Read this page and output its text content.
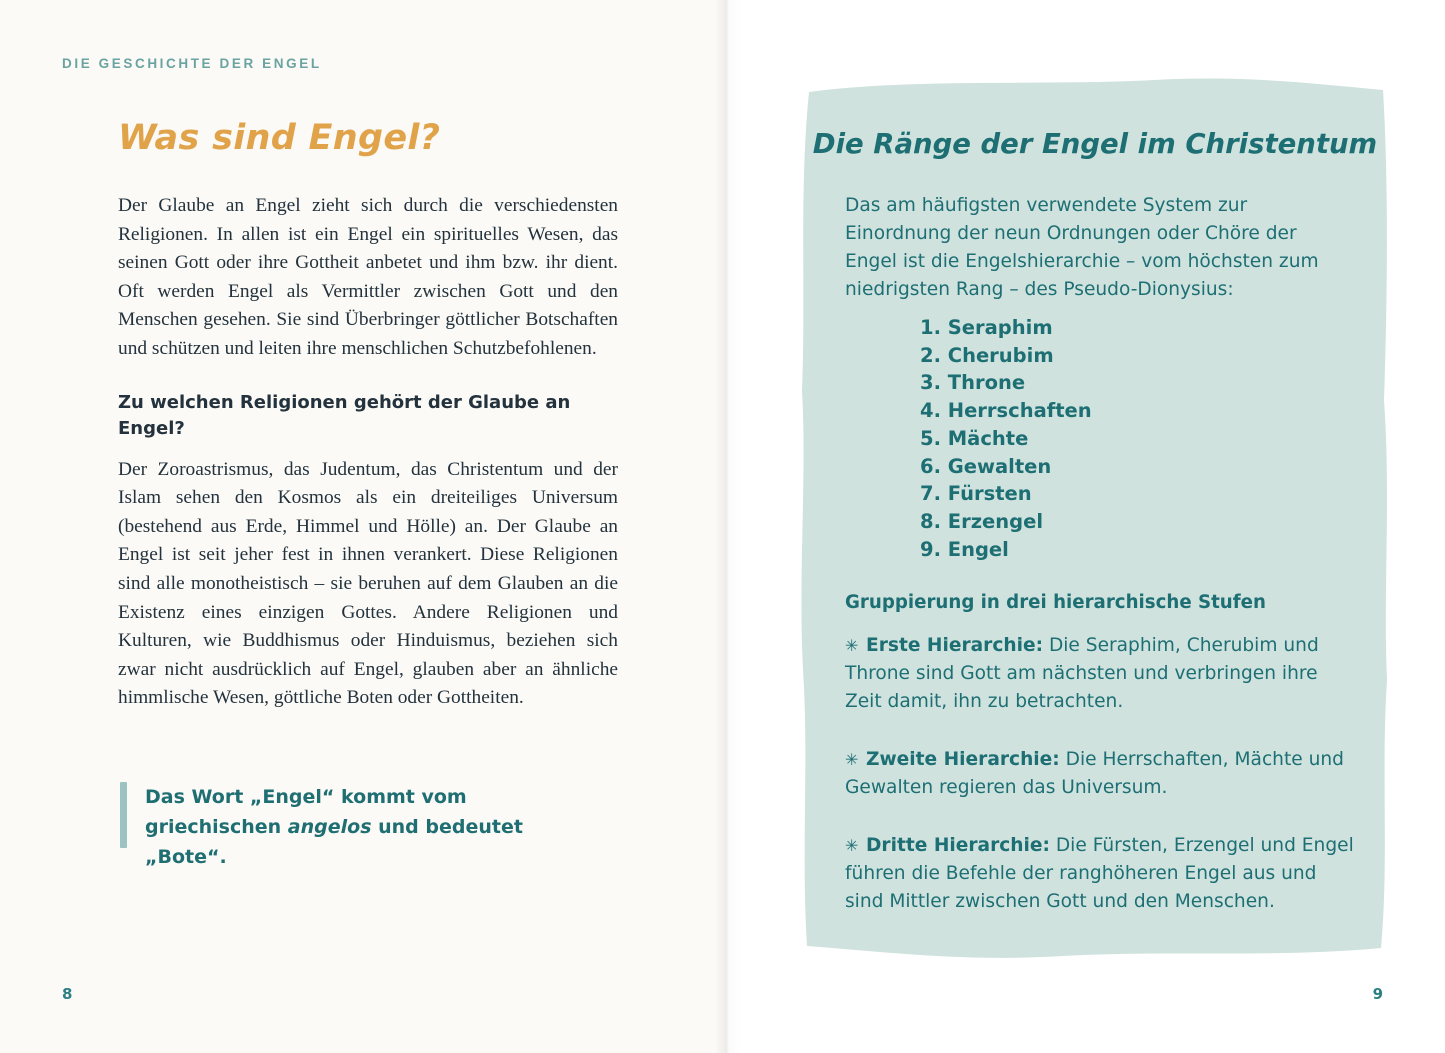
DIE GESCHICHTE DER ENGEL
Was sind Engel?

Der Glaube an Engel zieht sich durch die verschiedensten Religionen. In allen ist ein Engel ein spirituelles Wesen, das seinen Gott oder ihre Gottheit anbetet und ihm bzw. ihr dient. Oft werden Engel als Vermittler zwischen Gott und den Menschen gesehen. Sie sind Überbringer göttlicher Botschaften und schützen und leiten ihre menschlichen Schutzbefohlenen.

Zu welchen Religionen gehört der Glaube an Engel?

Der Zoroastrismus, das Judentum, das Christentum und der Islam sehen den Kosmos als ein dreiteiliges Universum (bestehend aus Erde, Himmel und Hölle) an. Der Glaube an Engel ist seit jeher fest in ihnen verankert. Diese Religionen sind alle monotheistisch – sie beruhen auf dem Glauben an die Existenz eines einzigen Gottes. Andere Religionen und Kulturen, wie Buddhismus oder Hinduismus, beziehen sich zwar nicht ausdrücklich auf Engel, glauben aber an ähnliche himmlische Wesen, göttliche Boten oder Gottheiten.

Das Wort „Engel“ kommt vom griechischen angelos und bedeutet „Bote“.
8
Die Ränge der Engel im Christentum
Das am häufigsten verwendete System zur Einordnung der neun Ordnungen oder Chöre der Engel ist die Engelshierarchie – vom höchsten zum niedrigsten Rang – des Pseudo-Dionysius:
1. Seraphim
2. Cherubim
3. Throne
4. Herrschaften
5. Mächte
6. Gewalten
7. Fürsten
8. Erzengel
9. Engel
Gruppierung in drei hierarchische Stufen
✳ Erste Hierarchie: Die Seraphim, Cherubim und Throne sind Gott am nächsten und verbringen ihre Zeit damit, ihn zu betrachten.
✳ Zweite Hierarchie: Die Herrschaften, Mächte und Gewalten regieren das Universum.
✳ Dritte Hierarchie: Die Fürsten, Erzengel und Engel führen die Befehle der ranghöheren Engel aus und sind Mittler zwischen Gott und den Menschen.
9
